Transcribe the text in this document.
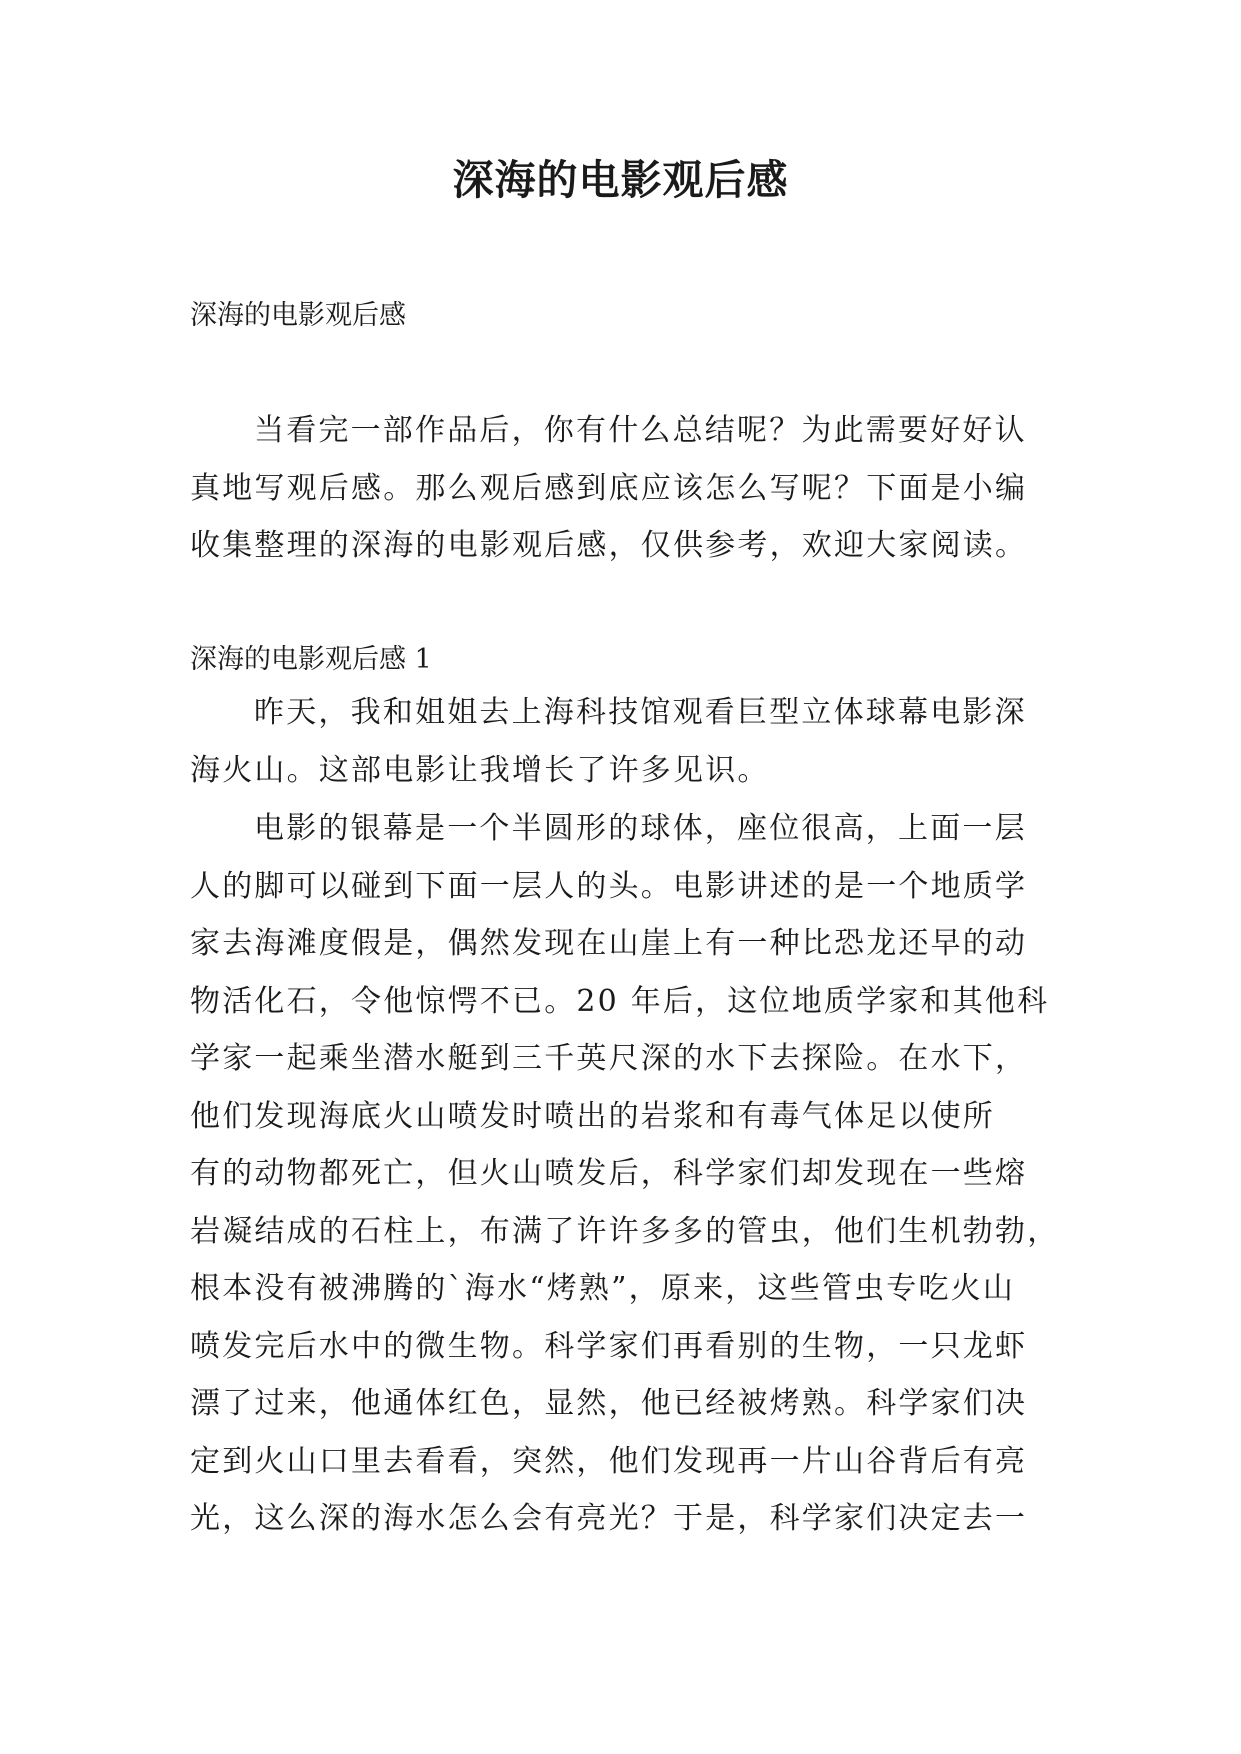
深海的电影观后感

深海的电影观后感

当看完一部作品后，你有什么总结呢？为此需要好好认
真地写观后感。那么观后感到底应该怎么写呢？下面是小编
收集整理的深海的电影观后感，仅供参考，欢迎大家阅读。

深海的电影观后感 1

昨天，我和姐姐去上海科技馆观看巨型立体球幕电影深
海火山。这部电影让我增长了许多见识。
电影的银幕是一个半圆形的球体，座位很高，上面一层
人的脚可以碰到下面一层人的头。电影讲述的是一个地质学
家去海滩度假是，偶然发现在山崖上有一种比恐龙还早的动
物活化石，令他惊愕不已。20 年后，这位地质学家和其他科
学家一起乘坐潜水艇到三千英尺深的水下去探险。在水下，
他们发现海底火山喷发时喷出的岩浆和有毒气体足以使所
有的动物都死亡，但火山喷发后，科学家们却发现在一些熔
岩凝结成的石柱上，布满了许许多多的管虫，他们生机勃勃，
根本没有被沸腾的`海水“烤熟”，原来，这些管虫专吃火山
喷发完后水中的微生物。科学家们再看别的生物，一只龙虾
漂了过来，他通体红色，显然，他已经被烤熟。科学家们决
定到火山口里去看看，突然，他们发现再一片山谷背后有亮
光，这么深的海水怎么会有亮光？于是，科学家们决定去一
